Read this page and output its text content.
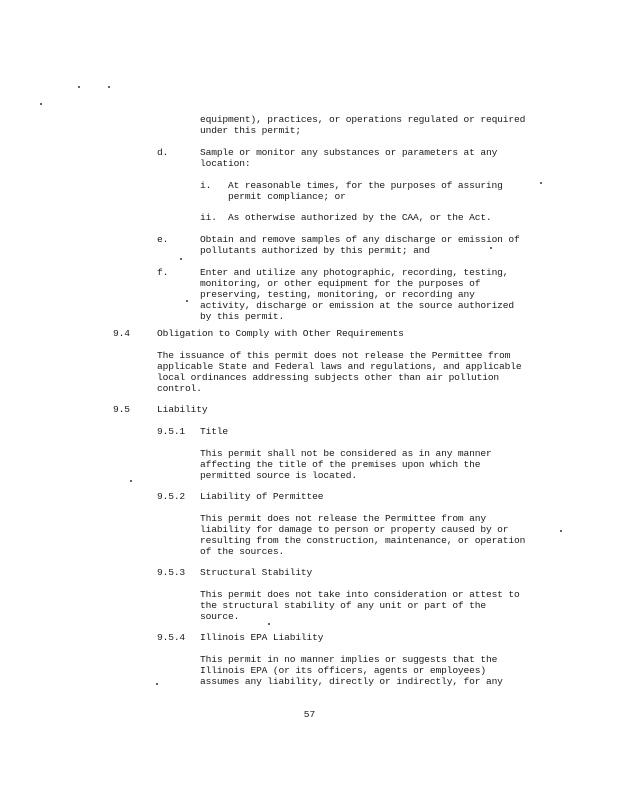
equipment), practices, or operations regulated or required
under this permit;
d.	Sample or monitor any substances or parameters at any
location:
i. At reasonable times, for the purposes of assuring
permit compliance; or
ii. As otherwise authorized by the CAA, or the Act.
e.	Obtain and remove samples of any discharge or emission of
pollutants authorized by this permit; and
f.	Enter and utilize any photographic, recording, testing,
monitoring, or other equipment for the purposes of
preserving, testing, monitoring, or recording any
activity, discharge or emission at the source authorized
by this permit.
9.4	Obligation to Comply with Other Requirements
The issuance of this permit does not release the Permittee from
applicable State and Federal laws and regulations, and applicable
local ordinances addressing subjects other than air pollution
control.
9.5	Liability
9.5.1 Title
This permit shall not be considered as in any manner
affecting the title of the premises upon which the
permitted source is located.
9.5.2 Liability of Permittee
This permit does not release the Permittee from any
liability for damage to person or property caused by or
resulting from the construction, maintenance, or operation
of the sources.
9.5.3 Structural Stability
This permit does not take into consideration or attest to
the structural stability of any unit or part of the
source.
9.5.4 Illinois EPA Liability
This permit in no manner implies or suggests that the
Illinois EPA (or its officers, agents or employees)
assumes any liability, directly or indirectly, for any
57
